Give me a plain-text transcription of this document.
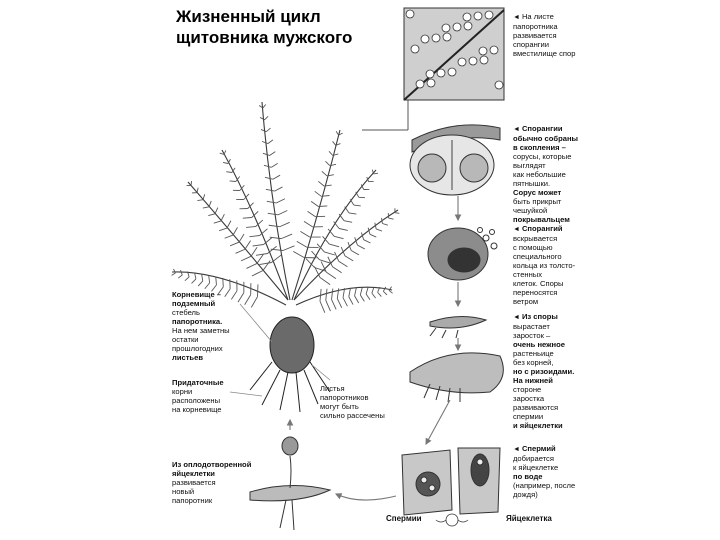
Жизненный цикл
щитовника мужского

◄ На листе

папоротника

развивается

спорангии

вместилище спор

◄ Спорангии

обычно собраны

в скопления –

сорусы, которые

выглядят

как небольшие

пятнышки.

Сорус может

быть прикрыт

чешуйкой

покрывальцем

◄ Спорангий

вскрывается

с помощью

специального

кольца из толсто-

стенных

клеток. Споры

переносятся

ветром

◄ Из споры

вырастает

заросток –

очень нежное

растеньице

без корней,

но с ризоидами.

На нижней

стороне

заростка

развиваются

спермии

и яйцеклетки

◄ Спермий

добирается

к яйцеклетке

по воде

(например, после

дождя)

Корневище –

подземный

стебель

папоротника.

На нем заметны

остатки

прошлогодних

листьев

Придаточные

корни

расположены

на корневище

Листья

папоротников

могут быть

сильно рассечены

Из оплодотворенной

яйцеклетки

развивается

новый

папоротник

Спермии	Яйцеклетка
